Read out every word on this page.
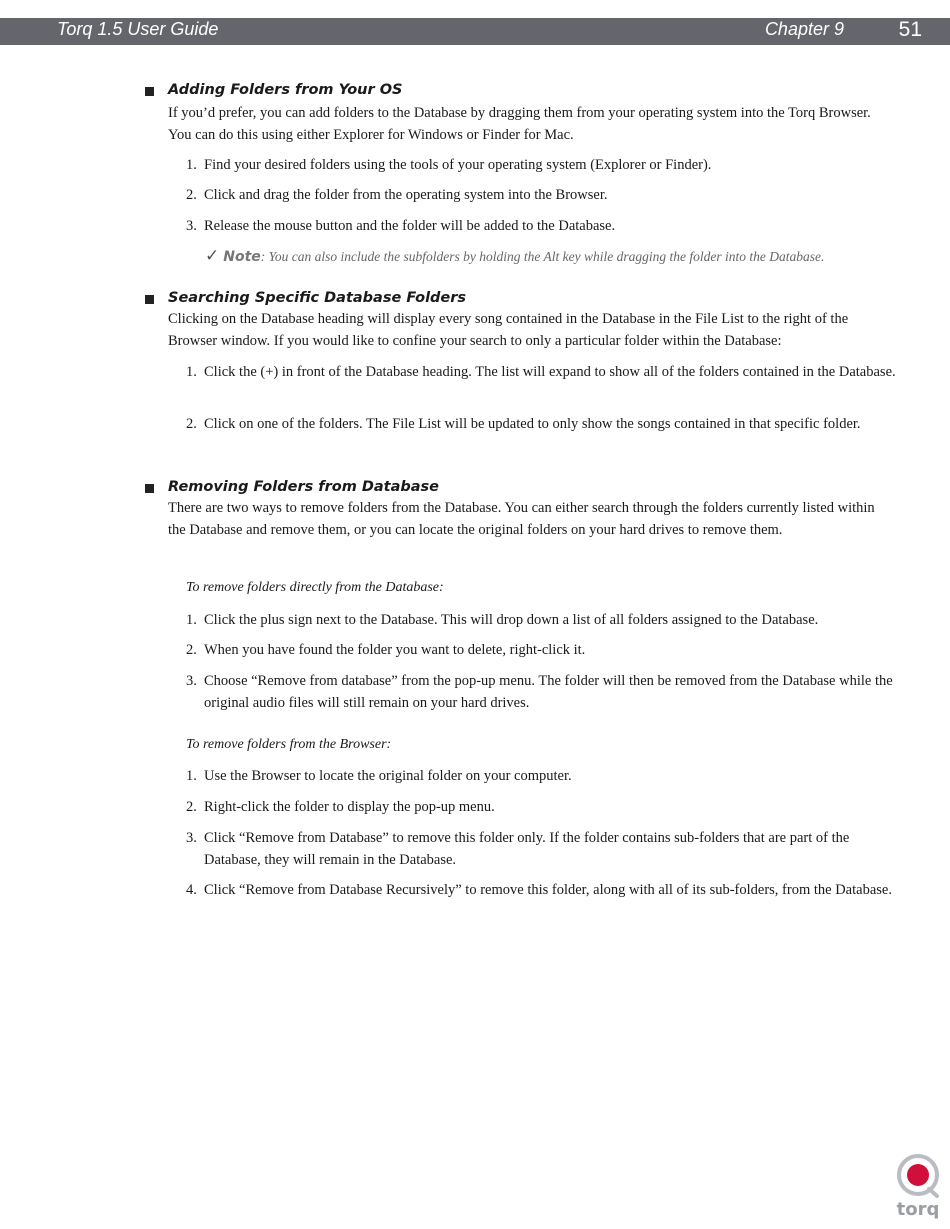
Torq 1.5 User Guide	Chapter 9	51
Adding Folders from Your OS
If you’d prefer, you can add folders to the Database by dragging them from your operating system into the Torq Browser. You can do this using either Explorer for Windows or Finder for Mac.
1. Find your desired folders using the tools of your operating system (Explorer or Finder).
2. Click and drag the folder from the operating system into the Browser.
3. Release the mouse button and the folder will be added to the Database.
✓ Note: You can also include the subfolders by holding the Alt key while dragging the folder into the Database.
Searching Specific Database Folders
Clicking on the Database heading will display every song contained in the Database in the File List to the right of the Browser window. If you would like to confine your search to only a particular folder within the Database:
1. Click the (+) in front of the Database heading. The list will expand to show all of the folders contained in the Database.
2. Click on one of the folders. The File List will be updated to only show the songs contained in that specific folder.
Removing Folders from Database
There are two ways to remove folders from the Database. You can either search through the folders currently listed within the Database and remove them, or you can locate the original folders on your hard drives to remove them.
To remove folders directly from the Database:
1. Click the plus sign next to the Database. This will drop down a list of all folders assigned to the Database.
2. When you have found the folder you want to delete, right-click it.
3. Choose “Remove from database” from the pop-up menu. The folder will then be removed from the Database while the original audio files will still remain on your hard drives.
To remove folders from the Browser:
1. Use the Browser to locate the original folder on your computer.
2. Right-click the folder to display the pop-up menu.
3. Click “Remove from Database” to remove this folder only. If the folder contains sub-folders that are part of the Database, they will remain in the Database.
4. Click “Remove from Database Recursively” to remove this folder, along with all of its sub-folders, from the Database.
torq
